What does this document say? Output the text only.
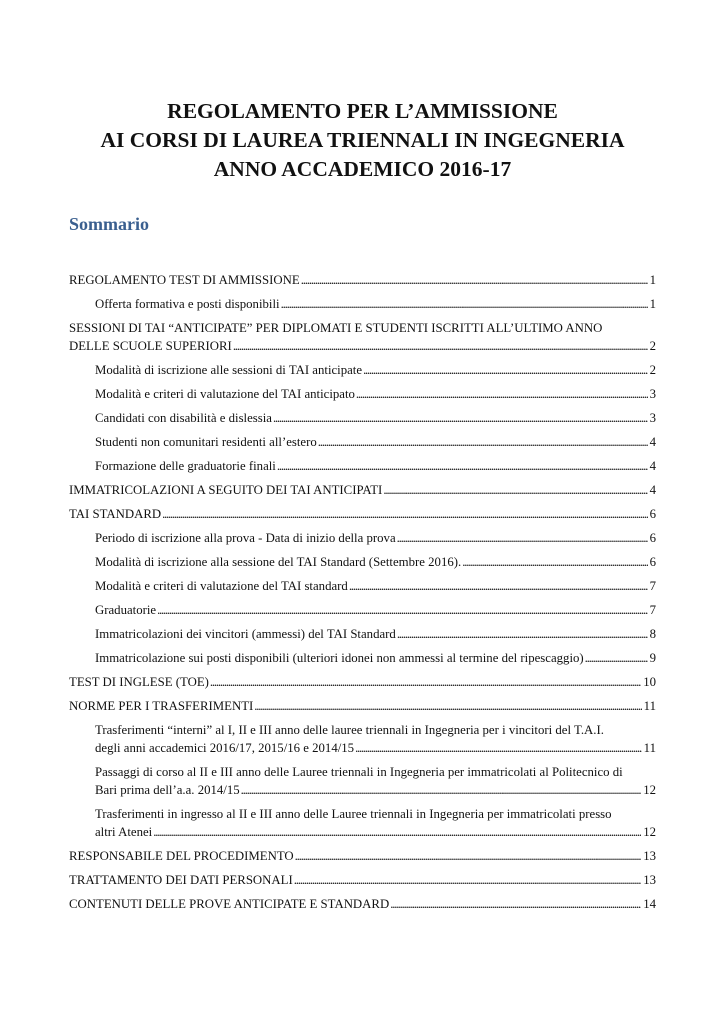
REGOLAMENTO PER L’AMMISSIONE
AI CORSI DI LAUREA TRIENNALI IN INGEGNERIA
ANNO ACCADEMICO 2016-17
Sommario
REGOLAMENTO TEST DI AMMISSIONE . . .	1
Offerta formativa e posti disponibili . . .	1
SESSIONI DI TAI “ANTICIPATE” PER DIPLOMATI E STUDENTI ISCRITTI ALL’ULTIMO ANNO
DELLE SCUOLE SUPERIORI . . .	2
Modalità di iscrizione alle sessioni di TAI anticipate . . .	2
Modalità e criteri di valutazione del TAI anticipato . . .	3
Candidati con disabilità e dislessia . . .	3
Studenti non comunitari residenti all’estero . . .	4
Formazione delle graduatorie finali . . .	4
IMMATRICOLAZIONI A SEGUITO DEI TAI ANTICIPATI . . .	4
TAI STANDARD . . .	6
Periodo di iscrizione alla prova - Data di inizio della prova . . .	6
Modalità di iscrizione alla sessione del TAI Standard (Settembre 2016). . . .	6
Modalità e criteri di valutazione del TAI standard . . .	7
Graduatorie . . .	7
Immatricolazioni dei vincitori (ammessi) del TAI Standard . . .	8
Immatricolazione sui posti disponibili (ulteriori idonei non ammessi al termine del ripescaggio) . . .	9
TEST DI INGLESE (TOE) . . .	10
NORME PER I TRASFERIMENTI . . .	11
Trasferimenti “interni” al I, II e III anno delle lauree triennali in Ingegneria per i vincitori del T.A.I.
degli anni accademici 2016/17, 2015/16 e 2014/15 . . .	11
Passaggi di corso al II e III anno delle Lauree triennali in Ingegneria per immatricolati al Politecnico di
Bari prima dell’a.a. 2014/15 . . .	12
Trasferimenti in ingresso al II e III anno delle Lauree triennali in Ingegneria per immatricolati presso
altri Atenei . . .	12
RESPONSABILE DEL PROCEDIMENTO . . .	13
TRATTAMENTO DEI DATI PERSONALI . . .	13
CONTENUTI DELLE PROVE ANTICIPATE E STANDARD . . .	14
